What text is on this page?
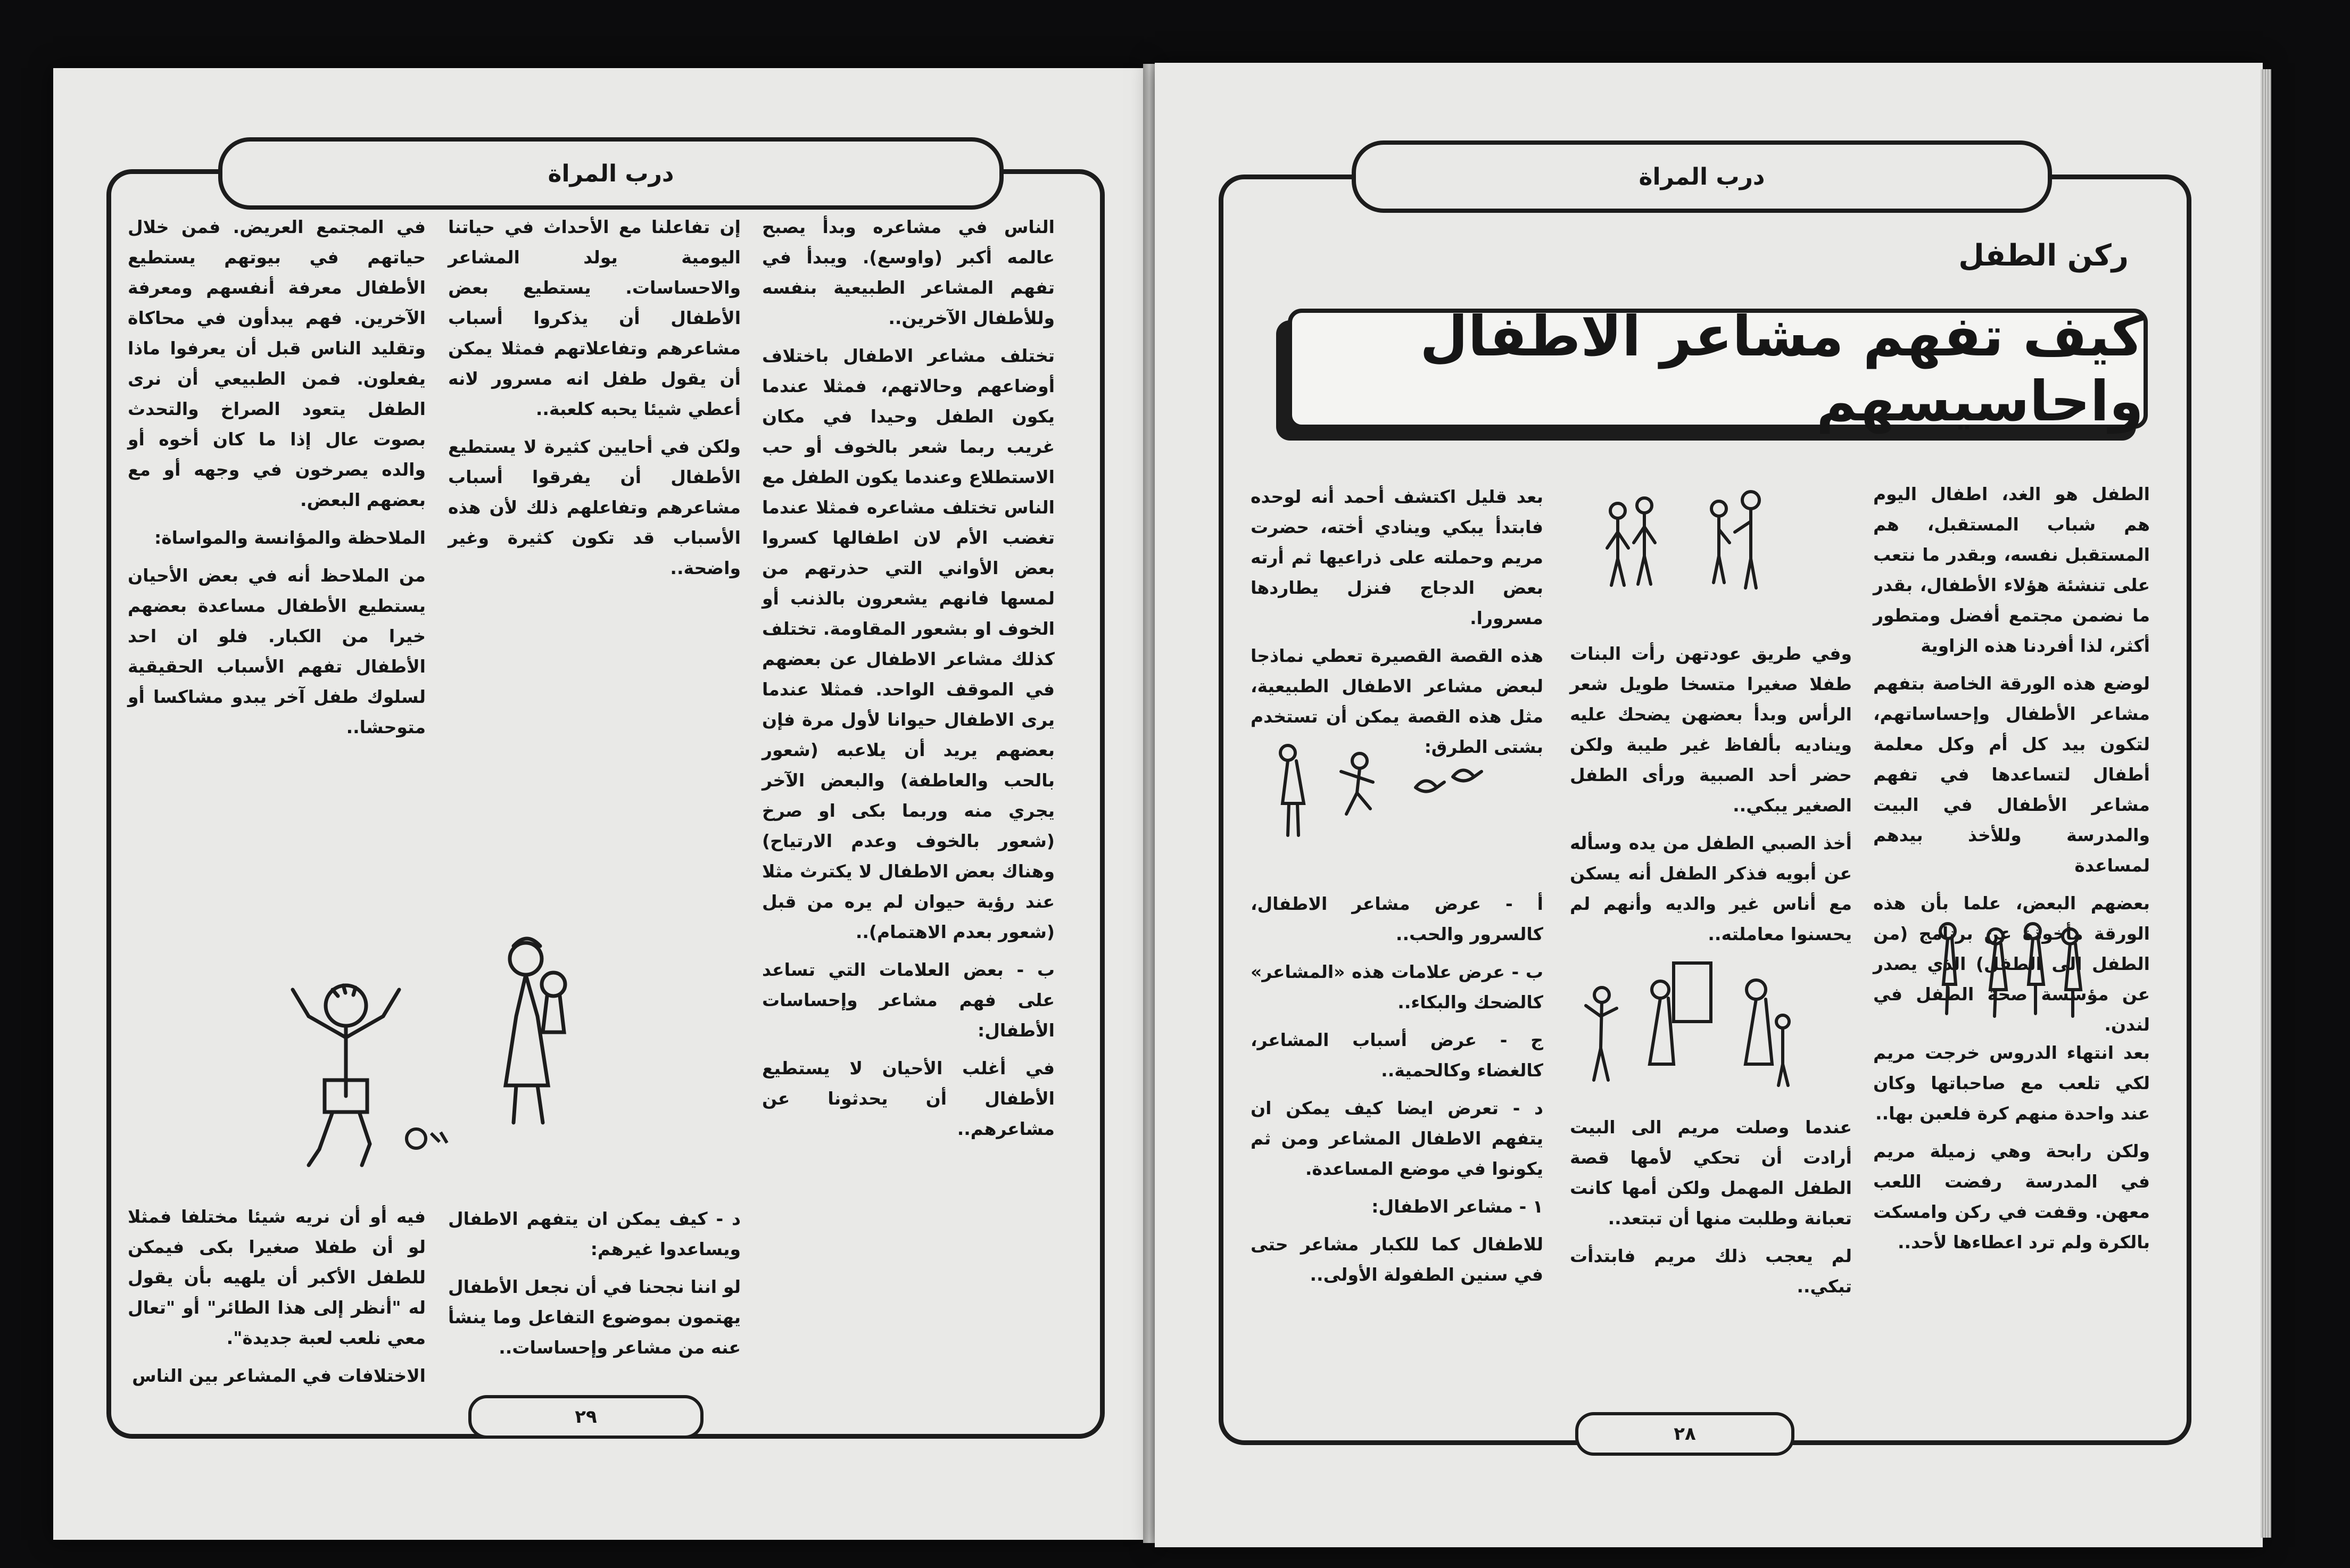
درب المراة
٢٩

الناس في مشاعره وبدأ يصبح عالمه أكبر (واوسع). ويبدأ في تفهم المشاعر الطبيعية بنفسه وللأطفال الآخرين..

تختلف مشاعر الاطفال باختلاف أوضاعهم وحالاتهم، فمثلا عندما يكون الطفل وحيدا في مكان غريب ربما شعر بالخوف أو حب الاستطلاع وعندما يكون الطفل مع الناس تختلف مشاعره فمثلا عندما تغضب الأم لان اطفالها كسروا بعض الأواني التي حذرتهم من لمسها فانهم يشعرون بالذنب أو الخوف او بشعور المقاومة. تختلف كذلك مشاعر الاطفال عن بعضهم في الموقف الواحد. فمثلا عندما يرى الاطفال حيوانا لأول مرة فإن بعضهم يريد أن يلاعبه (شعور بالحب والعاطفة) والبعض الآخر يجري منه وربما بكى او صرخ (شعور بالخوف وعدم الارتياح) وهناك بعض الاطفال لا يكترث مثلا عند رؤية حيوان لم يره من قبل (شعور بعدم الاهتمام)..

ب - بعض العلامات التي تساعد على فهم مشاعر وإحساسات الأطفال:

في أغلب الأحيان لا يستطيع الأطفال أن يحدثونا عن مشاعرهم..

إن تفاعلنا مع الأحداث في حياتنا اليومية يولد المشاعر والاحساسات. يستطيع بعض الأطفال أن يذكروا أسباب مشاعرهم وتفاعلاتهم فمثلا يمكن أن يقول طفل انه مسرور لانه أعطي شيئا يحبه كلعبة..

ولكن في أحايين كثيرة لا يستطيع الأطفال أن يفرقوا أسباب مشاعرهم وتفاعلهم ذلك لأن هذه الأسباب قد تكون كثيرة وغير واضحة..

د - كيف يمكن ان يتفهم الاطفال ويساعدوا غيرهم:

لو اننا نجحنا في أن نجعل الأطفال يهتمون بموضوع التفاعل وما ينشأ عنه من مشاعر وإحساسات..

في المجتمع العريض. فمن خلال حياتهم في بيوتهم يستطيع الأطفال معرفة أنفسهم ومعرفة الآخرين. فهم يبدأون في محاكاة وتقليد الناس قبل أن يعرفوا ماذا يفعلون. فمن الطبيعي أن نرى الطفل يتعود الصراخ والتحدث بصوت عال إذا ما كان أخوه أو والده يصرخون في وجهه أو مع بعضهم البعض.

الملاحظة والمؤانسة والمواساة:

من الملاحظ أنه في بعض الأحيان يستطيع الأطفال مساعدة بعضهم خيرا من الكبار. فلو ان احد الأطفال تفهم الأسباب الحقيقية لسلوك طفل آخر يبدو مشاكسا أو متوحشا..

فيه أو أن نريه شيئا مختلفا فمثلا لو أن طفلا صغيرا بكى فيمكن للطفل الأكبر أن يلهيه بأن يقول له "أنظر إلى هذا الطائر" أو "تعال معي نلعب لعبة جديدة".

الاختلافات في المشاعر بين الناس

درب المراة
٢٨
ركن الطفل
كيف تفهم مشاعر الاطفال واحاسيسهم

الطفل هو الغد، اطفال اليوم هم شباب المستقبل، هم المستقبل نفسه، وبقدر ما نتعب على تنشئة هؤلاء الأطفال، بقدر ما نضمن مجتمع أفضل ومتطور أكثر، لذا أفردنا هذه الزاوية

لوضع هذه الورقة الخاصة بتفهم مشاعر الأطفال وإحساساتهم، لتكون بيد كل أم وكل معلمة أطفال لتساعدها في تفهم مشاعر الأطفال في البيت والمدرسة وللأخذ بيدهم لمساعدة

بعضهم البعض، علما بأن هذه الورقة مأخوذة عن برنامج (من الطفل الى الطفل) الذي يصدر عن مؤسسة صحة الطفل في لندن.

بعد انتهاء الدروس خرجت مريم لكي تلعب مع صاحباتها وكان عند واحدة منهم كرة فلعبن بها..

ولكن رابحة وهي زميلة مريم في المدرسة رفضت اللعب معهن. وقفت في ركن وامسكت بالكرة ولم ترد اعطاءها لأحد..

وفي طريق عودتهن رأت البنات طفلا صغيرا متسخا طويل شعر الرأس وبدأ بعضهن يضحك عليه ويناديه بألفاظ غير طيبة ولكن حضر أحد الصبية ورأى الطفل الصغير يبكي..

أخذ الصبي الطفل من يده وسأله عن أبويه فذكر الطفل أنه يسكن مع أناس غير والديه وأنهم لم يحسنوا معاملته..

عندما وصلت مريم الى البيت أرادت أن تحكي لأمها قصة الطفل المهمل ولكن أمها كانت تعبانة وطلبت منها أن تبتعد..

لم يعجب ذلك مريم فابتدأت تبكي..

بعد قليل اكتشف أحمد أنه لوحده فابتدأ يبكي وينادي أخته، حضرت مريم وحملته على ذراعيها ثم أرته بعض الدجاج فنزل يطاردها مسرورا.

هذه القصة القصيرة تعطي نماذجا لبعض مشاعر الاطفال الطبيعية، مثل هذه القصة يمكن أن تستخدم بشتى الطرق:

أ - عرض مشاعر الاطفال، كالسرور والحب..

ب - عرض علامات هذه «المشاعر» كالضحك والبكاء..

ج - عرض أسباب المشاعر، كالغضاء وكالحمية..

د - تعرض ايضا كيف يمكن ان يتفهم الاطفال المشاعر ومن ثم يكونوا في موضع المساعدة.

١ - مشاعر الاطفال:

للاطفال كما للكبار مشاعر حتى في سنين الطفولة الأولى..
